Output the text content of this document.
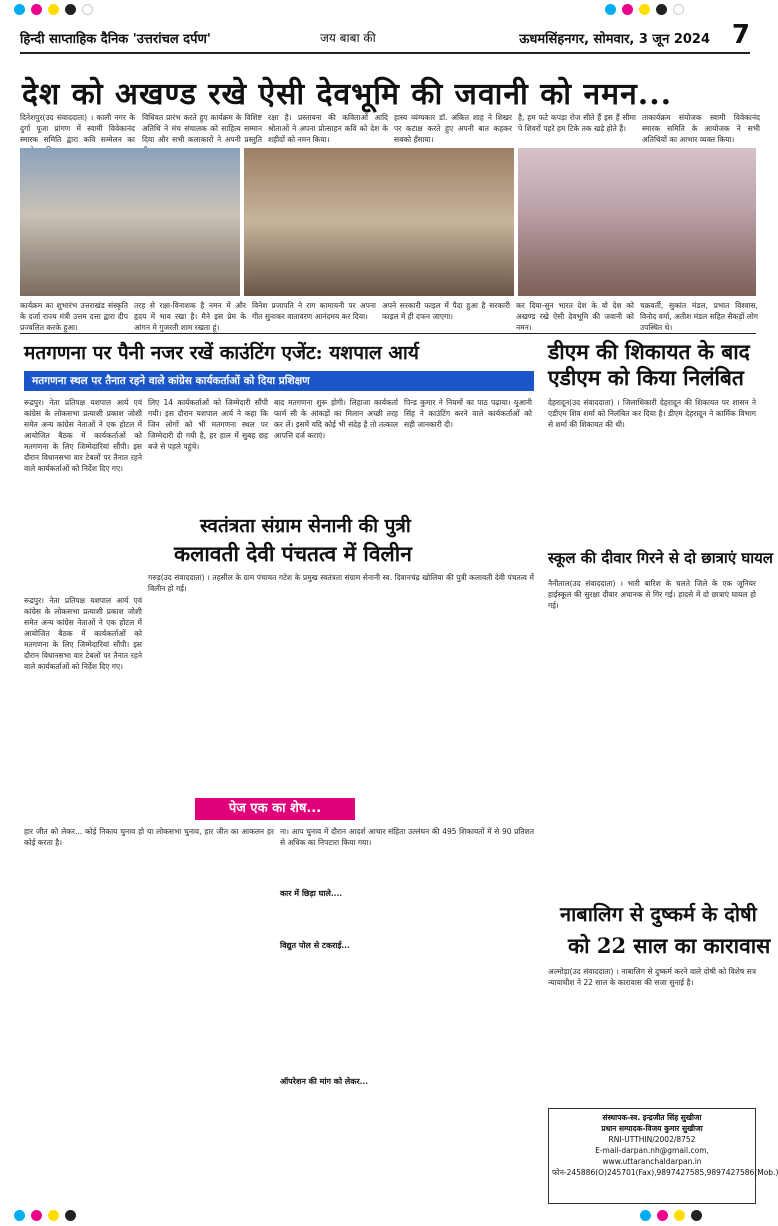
हिन्दी साप्ताहिक दैनिक 'उत्तरांचल दर्पण'	जय बाबा की	ऊधमसिंहनगर, सोमवार, 3 जून 2024 7
देश को अखण्ड रखे ऐसी देवभूमि की जवानी को नमन...
दिनेशपुर(उद संवाददाता) । काली नगर के दुर्गा पूजा प्रांगण में स्वामी विवेकानंद स्मारक समिति द्वारा कवि सम्मेलन का
विधिवत प्रारंभ करते हुए कार्यक्रम के विशिष्ट अतिथि ने मंच संचालक को साहित्य सम्मान दिया और सभी कलाकारों ने अपनी प्रस्तुति
रक्षा है। प्रस्तावना की कविताओं आदि श्रोताओं ने अपना प्रोत्साहन कवि को देश के शहीदों को नमन किया।
हास्य व्यंग्यकार डॉ. अंकित शाह ने शिखर पर कटाक्ष करते हुए अपनी बात कहकर सबको हँसाया।
है, हम फटे कपड़ा रोज सीते हैं इस हैं सीमा पे शिवरों पहरे हम टिके तक खड़े होते हैं।
ताकार्यक्रम संयोजक स्वामी विवेकानंद स्मारक समिति के आयोजक ने सभी अतिथियों का आभार व्यक्त किया।
कार्यक्रम का शुभारंभ उत्तराखंड संस्कृति के दर्जा राज्य मंत्री उत्तम दत्ता द्वारा दीप प्रज्वलित करके हुआ।
तरह से रक्षा-विनाशक है नमन में और हृदय में भाव रखा है। मैने इस प्रेम के आंगन मे गुजरती शाम रखता हूं।
विनेश प्रजापति ने राग कामायनी पर अपना गीत सुनाकर वातावरण आनंदमय कर दिया।
अपने सरकारी फाइल में पैदा हुआ है सरकारी फाइल में ही दफन जाएगा।
कर दिया-सुन भारत देश के वो देश को अखण्ड रखे ऐसी देवभूमि की जवानी को नमन।
चक्रवर्ती, सुकांत मंडल, प्रभात विश्वास, विनोद वर्मा, अतीश मंडल सहित सैकड़ों लोग उपस्थित थे।
मतगणना पर पैनी नजर रखें काउंटिंग एजेंट: यशपाल आर्य	डीएम की शिकायत के बाद
एडीएम को किया निलंबित
मतगणना स्थल पर तैनात रहने वाले कांग्रेस कार्यकर्ताओं को दिया प्रशिक्षण
रूद्रपुर। नेता प्रतिपक्ष यशपाल आर्य एवं कांग्रेस के लोकसभा प्रत्याशी प्रकाश जोशी समेत अन्य कांग्रेस नेताओं ने एक होटल में आयोजित बैठक में कार्यकर्ताओं को मतगणना के लिए जिम्मेदारियां सौंपी। इस दौरान विधानसभा वार टेबलों पर तैनात रहने वाले कार्यकर्ताओं को निर्देश दिए गए।
लिए 14 कार्यकर्ताओं को जिम्मेदारी सौंपी गयी। इस दौरान यशपाल आर्य ने कहा कि जिन लोगों को भी मतगणना स्थल पर जिम्मेदारी दी गयी है, हर हाल में सुबह छह बजे से पहले पहुंचे।
बाद मतगणना शुरू होगी। लिहाजा कार्यकर्ता फार्म सी के आंकड़ों का मिलान अच्छी तरह कर लें। इसमें यदि कोई भी संदेह है तो तत्काल आपत्ति दर्ज कराएं।
पिन्ड कुमार ने नियमों का पाठ पढ़ाया। यूआनी सिंह ने काउंटिंग करने वाले कार्यकर्ताओं को सही जानकारी दी।
देहरादून(उद संवाददाता) । जिलाधिकारी देहरादून की शिकायत पर शासन ने एडीएम शिव शर्मा को निलंबित कर दिया है। डीएम देहरादून ने कार्मिक विभाग से शर्मा की शिकायत की थी।
स्वतंत्रता संग्राम सेनानी की पुत्री
कलावती देवी पंचतत्व में विलीन
गरुड़(उद संवाददाता) । तहसील के ग्राम पंचायत गटेश के प्रमुख स्वतंत्रता संग्राम सेनानी स्व. दिवानचंद्र खोलिया की पुत्री कलावती देवी पंचतत्व में विलीन हो गई।
स्कूल की दीवार गिरने से दो छात्राएं घायल
नैनीताल(उद संवाददाता) । भारी बारिश के चलते जिले के एक जूनियर हाईस्कूल की सुरक्षा दीवार अचानक से गिर गई। हादसे में दो छात्राएं घायल हो गई।
रूद्रपुर। नेता प्रतिपक्ष यशपाल आर्य एवं कांग्रेस के लोकसभा प्रत्याशी प्रकाश जोशी समेत अन्य कांग्रेस नेताओं ने एक होटल में आयोजित बैठक में कार्यकर्ताओं को मतगणना के लिए जिम्मेदारियां सौंपी। इस दौरान विधानसभा वार टेबलों पर तैनात रहने वाले कार्यकर्ताओं को निर्देश दिए गए।
पेज एक का शेष...
हार जीत को लेकर... कोई निकाय चुनाव हो या लोकसभा चुनाव, हार जीत का आकलन हर कोई करता है।
ना। आप चुनाव में दौरान आदर्श आचार संहिता उल्लंघन की 495 शिकायतों में से 90 प्रतिशत से अधिक का निपटारा किया गया।
कार में छिड़ा घाले....
विद्युत पोल से टकराई...
ऑपरेशन की मांग को लेकर...
नाबालिग से दुष्कर्म के दोषी
को 22 साल का कारावास
अल्मोड़ा(उद संवाददाता) । नाबालिग से दुष्कर्म करने वाले दोषी को विशेष सत्र न्यायाधीश ने 22 साल के कारावास की सजा सुनाई है।
संस्थापक-स्व. इन्द्रजीत सिंह सुखीजा
प्रधान सम्पादक-विजय कुमार सुखीजा
RNI-UTTHIN/2002/8752
E-mail-darpan.nh@gmail.com, www.uttaranchaldarpan.in
फोन-245886(O)245701(Fax),9897427585,9897427586(Mob.)
